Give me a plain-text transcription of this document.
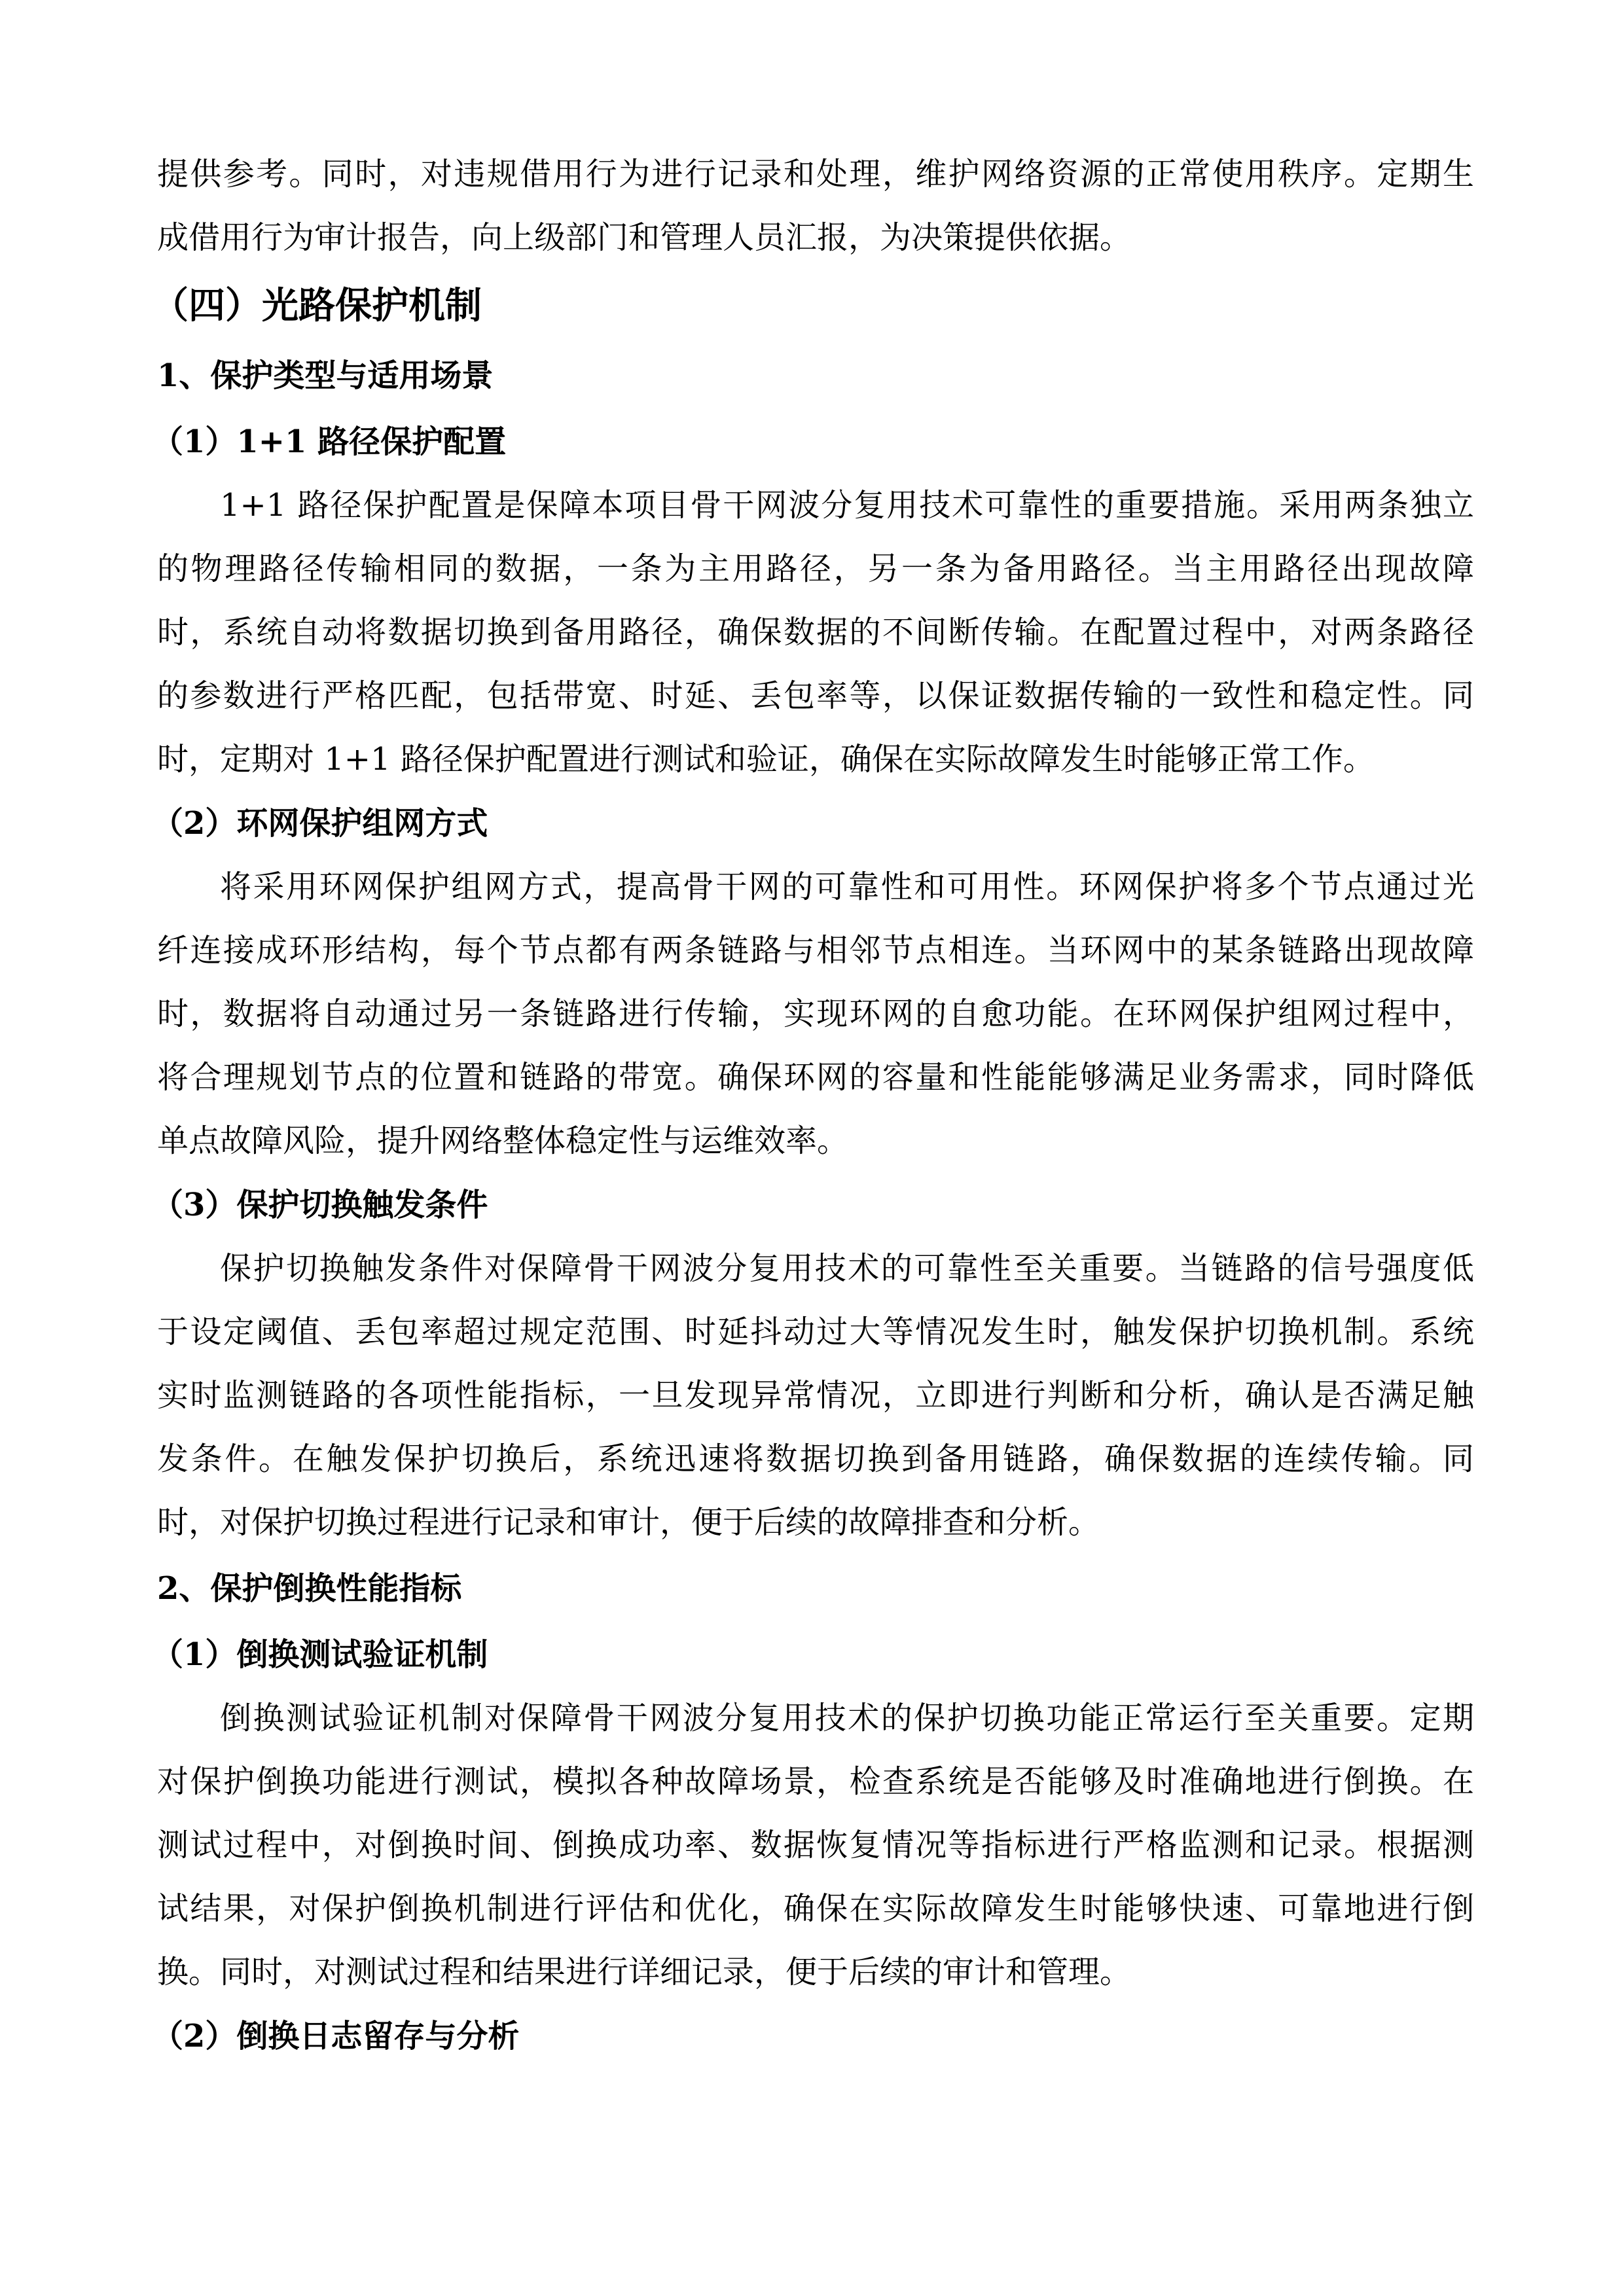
提供参考。同时，对违规借用行为进行记录和处理，维护网络资源的正常使用秩序。定期生
成借用行为审计报告，向上级部门和管理人员汇报，为决策提供依据。
（四）光路保护机制
1、保护类型与适用场景
（1）1+1 路径保护配置
1+1 路径保护配置是保障本项目骨干网波分复用技术可靠性的重要措施。采用两条独立
的物理路径传输相同的数据，一条为主用路径，另一条为备用路径。当主用路径出现故障
时，系统自动将数据切换到备用路径，确保数据的不间断传输。在配置过程中，对两条路径
的参数进行严格匹配，包括带宽、时延、丢包率等，以保证数据传输的一致性和稳定性。同
时，定期对 1+1 路径保护配置进行测试和验证，确保在实际故障发生时能够正常工作。
（2）环网保护组网方式
将采用环网保护组网方式，提高骨干网的可靠性和可用性。环网保护将多个节点通过光
纤连接成环形结构，每个节点都有两条链路与相邻节点相连。当环网中的某条链路出现故障
时，数据将自动通过另一条链路进行传输，实现环网的自愈功能。在环网保护组网过程中，
将合理规划节点的位置和链路的带宽。确保环网的容量和性能能够满足业务需求，同时降低
单点故障风险，提升网络整体稳定性与运维效率。
（3）保护切换触发条件
保护切换触发条件对保障骨干网波分复用技术的可靠性至关重要。当链路的信号强度低
于设定阈值、丢包率超过规定范围、时延抖动过大等情况发生时，触发保护切换机制。系统
实时监测链路的各项性能指标，一旦发现异常情况，立即进行判断和分析，确认是否满足触
发条件。在触发保护切换后，系统迅速将数据切换到备用链路，确保数据的连续传输。同
时，对保护切换过程进行记录和审计，便于后续的故障排查和分析。
2、保护倒换性能指标
（1）倒换测试验证机制
倒换测试验证机制对保障骨干网波分复用技术的保护切换功能正常运行至关重要。定期
对保护倒换功能进行测试，模拟各种故障场景，检查系统是否能够及时准确地进行倒换。在
测试过程中，对倒换时间、倒换成功率、数据恢复情况等指标进行严格监测和记录。根据测
试结果，对保护倒换机制进行评估和优化，确保在实际故障发生时能够快速、可靠地进行倒
换。同时，对测试过程和结果进行详细记录，便于后续的审计和管理。
（2）倒换日志留存与分析
